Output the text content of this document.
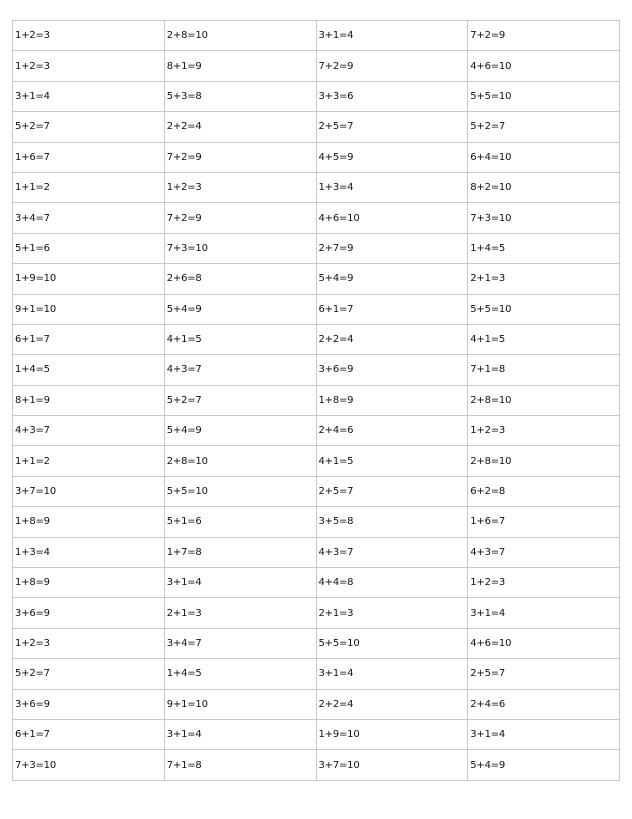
1+2=3	2+8=10	3+1=4	7+2=9
1+2=3	8+1=9	7+2=9	4+6=10
3+1=4	5+3=8	3+3=6	5+5=10
5+2=7	2+2=4	2+5=7	5+2=7
1+6=7	7+2=9	4+5=9	6+4=10
1+1=2	1+2=3	1+3=4	8+2=10
3+4=7	7+2=9	4+6=10	7+3=10
5+1=6	7+3=10	2+7=9	1+4=5
1+9=10	2+6=8	5+4=9	2+1=3
9+1=10	5+4=9	6+1=7	5+5=10
6+1=7	4+1=5	2+2=4	4+1=5
1+4=5	4+3=7	3+6=9	7+1=8
8+1=9	5+2=7	1+8=9	2+8=10
4+3=7	5+4=9	2+4=6	1+2=3
1+1=2	2+8=10	4+1=5	2+8=10
3+7=10	5+5=10	2+5=7	6+2=8
1+8=9	5+1=6	3+5=8	1+6=7
1+3=4	1+7=8	4+3=7	4+3=7
1+8=9	3+1=4	4+4=8	1+2=3
3+6=9	2+1=3	2+1=3	3+1=4
1+2=3	3+4=7	5+5=10	4+6=10
5+2=7	1+4=5	3+1=4	2+5=7
3+6=9	9+1=10	2+2=4	2+4=6
6+1=7	3+1=4	1+9=10	3+1=4
7+3=10	7+1=8	3+7=10	5+4=9
